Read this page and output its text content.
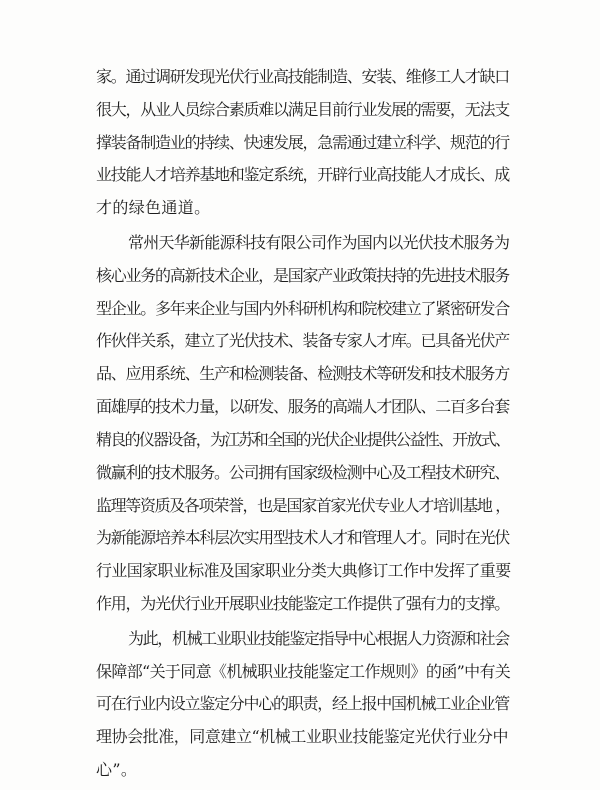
家。通过调研发现光伏行业高技能制造、安装、维修工人才缺口
很大，从业人员综合素质难以满足目前行业发展的需要，无法支
撑装备制造业的持续、快速发展，急需通过建立科学、规范的行
业技能人才培养基地和鉴定系统，开辟行业高技能人才成长、成
才的绿色通道。
常州天华新能源科技有限公司作为国内以光伏技术服务为
核心业务的高新技术企业，是国家产业政策扶持的先进技术服务
型企业。多年来企业与国内外科研机构和院校建立了紧密研发合
作伙伴关系，建立了光伏技术、装备专家人才库。已具备光伏产
品、应用系统、生产和检测装备、检测技术等研发和技术服务方
面雄厚的技术力量，以研发、服务的高端人才团队、二百多台套
精良的仪器设备，为江苏和全国的光伏企业提供公益性、开放式、
微赢利的技术服务。公司拥有国家级检测中心及工程技术研究、
监理等资质及各项荣誉，也是国家首家光伏专业人才培训基地 ，
为新能源培养本科层次实用型技术人才和管理人才。同时在光伏
行业国家职业标准及国家职业分类大典修订工作中发挥了重要
作用，为光伏行业开展职业技能鉴定工作提供了强有力的支撑。
为此，机械工业职业技能鉴定指导中心根据人力资源和社会
保障部“关于同意《机械职业技能鉴定工作规则》的函”中有关
可在行业内设立鉴定分中心的职责，经上报中国机械工业企业管
理协会批准，同意建立“机械工业职业技能鉴定光伏行业分中
心”。
